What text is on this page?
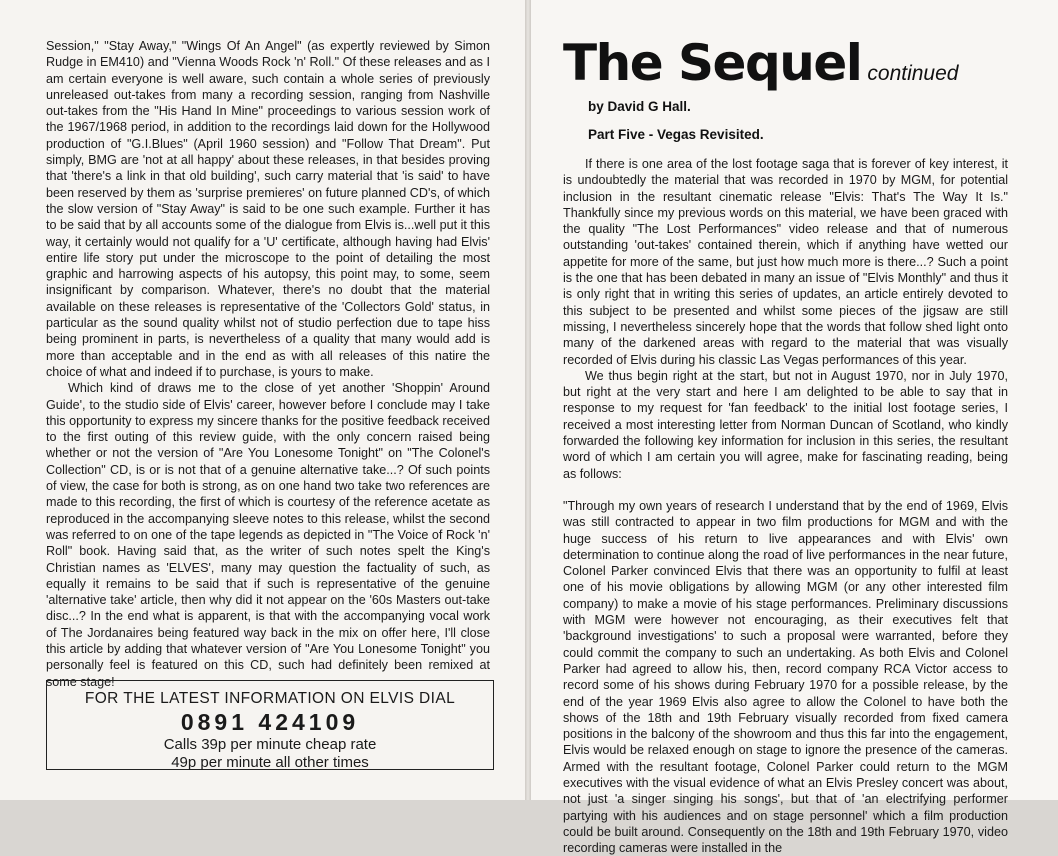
Session," "Stay Away," "Wings Of An Angel" (as expertly reviewed by Simon Rudge in EM410) and "Vienna Woods Rock 'n' Roll." Of these releases and as I am certain everyone is well aware, such contain a whole series of previously unreleased out-takes from many a recording session, ranging from Nashville out-takes from the "His Hand In Mine" proceedings to various session work of the 1967/1968 period, in addition to the recordings laid down for the Hollywood production of "G.I.Blues" (April 1960 session) and "Follow That Dream". Put simply, BMG are 'not at all happy' about these releases, in that besides proving that 'there's a link in that old building', such carry material that 'is said' to have been reserved by them as 'surprise premieres' on future planned CD's, of which the slow version of "Stay Away" is said to be one such example. Further it has to be said that by all accounts some of the dialogue from Elvis is...well put it this way, it certainly would not qualify for a 'U' certificate, although having had Elvis' entire life story put under the microscope to the point of detailing the most graphic and harrowing aspects of his autopsy, this point may, to some, seem insignificant by comparison. Whatever, there's no doubt that the material available on these releases is representative of the 'Collectors Gold' status, in particular as the sound quality whilst not of studio perfection due to tape hiss being prominent in parts, is nevertheless of a quality that many would add is more than acceptable and in the end as with all releases of this natire the choice of what and indeed if to purchase, is yours to make.

Which kind of draws me to the close of yet another 'Shoppin' Around Guide', to the studio side of Elvis' career, however before I conclude may I take this opportunity to express my sincere thanks for the positive feedback received to the first outing of this review guide, with the only concern raised being whether or not the version of "Are You Lonesome Tonight" on "The Colonel's Collection" CD, is or is not that of a genuine alternative take...? Of such points of view, the case for both is strong, as on one hand two take two references are made to this recording, the first of which is courtesy of the reference acetate as reproduced in the accompanying sleeve notes to this release, whilst the second was referred to on one of the tape legends as depicted in "The Voice of Rock 'n' Roll" book. Having said that, as the writer of such notes spelt the King's Christian names as 'ELVES', many may question the factuality of such, as equally it remains to be said that if such is representative of the genuine 'alternative take' article, then why did it not appear on the '60s Masters out-take disc...? In the end what is apparent, is that with the accompanying vocal work of The Jordanaires being featured way back in the mix on offer here, I'll close this article by adding that whatever version of "Are You Lonesome Tonight" you personally feel is featured on this CD, such had definitely been remixed at some stage!

FOR THE LATEST INFORMATION ON ELVIS DIAL
0891 424109
Calls 39p per minute cheap rate
49p per minute all other times
The Sequel continued
by David G Hall.
Part Five - Vegas Revisited.

If there is one area of the lost footage saga that is forever of key interest, it is undoubtedly the material that was recorded in 1970 by MGM, for potential inclusion in the resultant cinematic release "Elvis: That's The Way It Is." Thankfully since my previous words on this material, we have been graced with the quality "The Lost Performances" video release and that of numerous outstanding 'out-takes' contained therein, which if anything have wetted our appetite for more of the same, but just how much more is there...? Such a point is the one that has been debated in many an issue of "Elvis Monthly" and thus it is only right that in writing this series of updates, an article entirely devoted to this subject to be presented and whilst some pieces of the jigsaw are still missing, I nevertheless sincerely hope that the words that follow shed light onto many of the darkened areas with regard to the material that was visually recorded of Elvis during his classic Las Vegas performances of this year.

We thus begin right at the start, but not in August 1970, nor in July 1970, but right at the very start and here I am delighted to be able to say that in response to my request for 'fan feedback' to the initial lost footage series, I received a most interesting letter from Norman Duncan of Scotland, who kindly forwarded the following key information for inclusion in this series, the resultant word of which I am certain you will agree, make for fascinating reading, being as follows:

"Through my own years of research I understand that by the end of 1969, Elvis was still contracted to appear in two film productions for MGM and with the huge success of his return to live appearances and with Elvis' own determination to continue along the road of live performances in the near future, Colonel Parker convinced Elvis that there was an opportunity to fulfil at least one of his movie obligations by allowing MGM (or any other interested film company) to make a movie of his stage performances. Preliminary discussions with MGM were however not encouraging, as their executives felt that 'background investigations' to such a proposal were warranted, before they could commit the company to such an undertaking. As both Elvis and Colonel Parker had agreed to allow his, then, record company RCA Victor access to record some of his shows during February 1970 for a possible release, by the end of the year 1969 Elvis also agree to allow the Colonel to have both the shows of the 18th and 19th February visually recorded from fixed camera positions in the balcony of the showroom and thus this far into the engagement, Elvis would be relaxed enough on stage to ignore the presence of the cameras. Armed with the resultant footage, Colonel Parker could return to the MGM executives with the visual evidence of what an Elvis Presley concert was about, not just 'a singer singing his songs', but that of 'an electrifying performer partying with his audiences and on stage personnel' which a film production could be built around. Consequently on the 18th and 19th February 1970, video recording cameras were installed in the
